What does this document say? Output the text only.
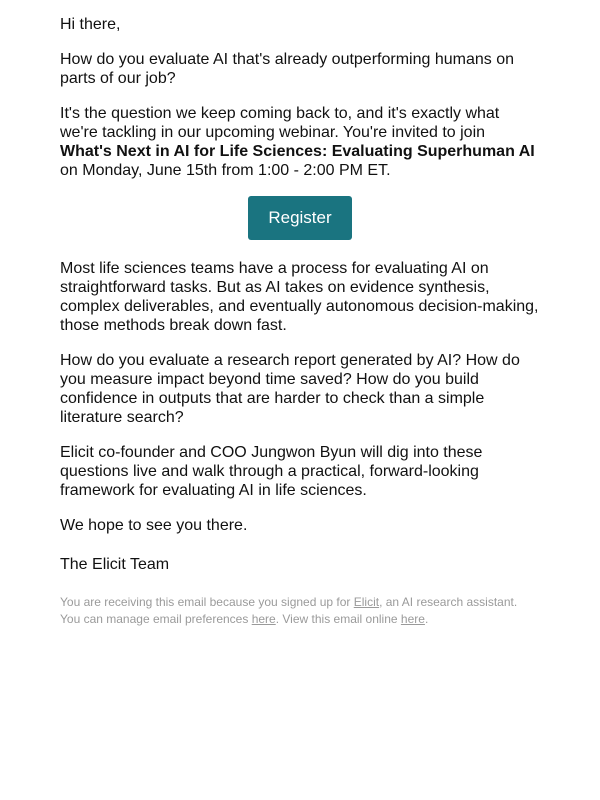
Hi there,

How do you evaluate AI that's already outperforming humans on parts of our job?

It's the question we keep coming back to, and it's exactly what we're tackling in our upcoming webinar. You're invited to join
What's Next in AI for Life Sciences: Evaluating Superhuman AI
on Monday, June 15th from 1:00 - 2:00 PM ET.

Register

Most life sciences teams have a process for evaluating AI on straightforward tasks. But as AI takes on evidence synthesis, complex deliverables, and eventually autonomous decision-making, those methods break down fast.

How do you evaluate a research report generated by AI? How do you measure impact beyond time saved? How do you build confidence in outputs that are harder to check than a simple literature search?

Elicit co-founder and COO Jungwon Byun will dig into these questions live and walk through a practical, forward-looking framework for evaluating AI in life sciences.

We hope to see you there.

The Elicit Team

You are receiving this email because you signed up for Elicit, an AI research assistant.
You can manage email preferences here. View this email online here.
